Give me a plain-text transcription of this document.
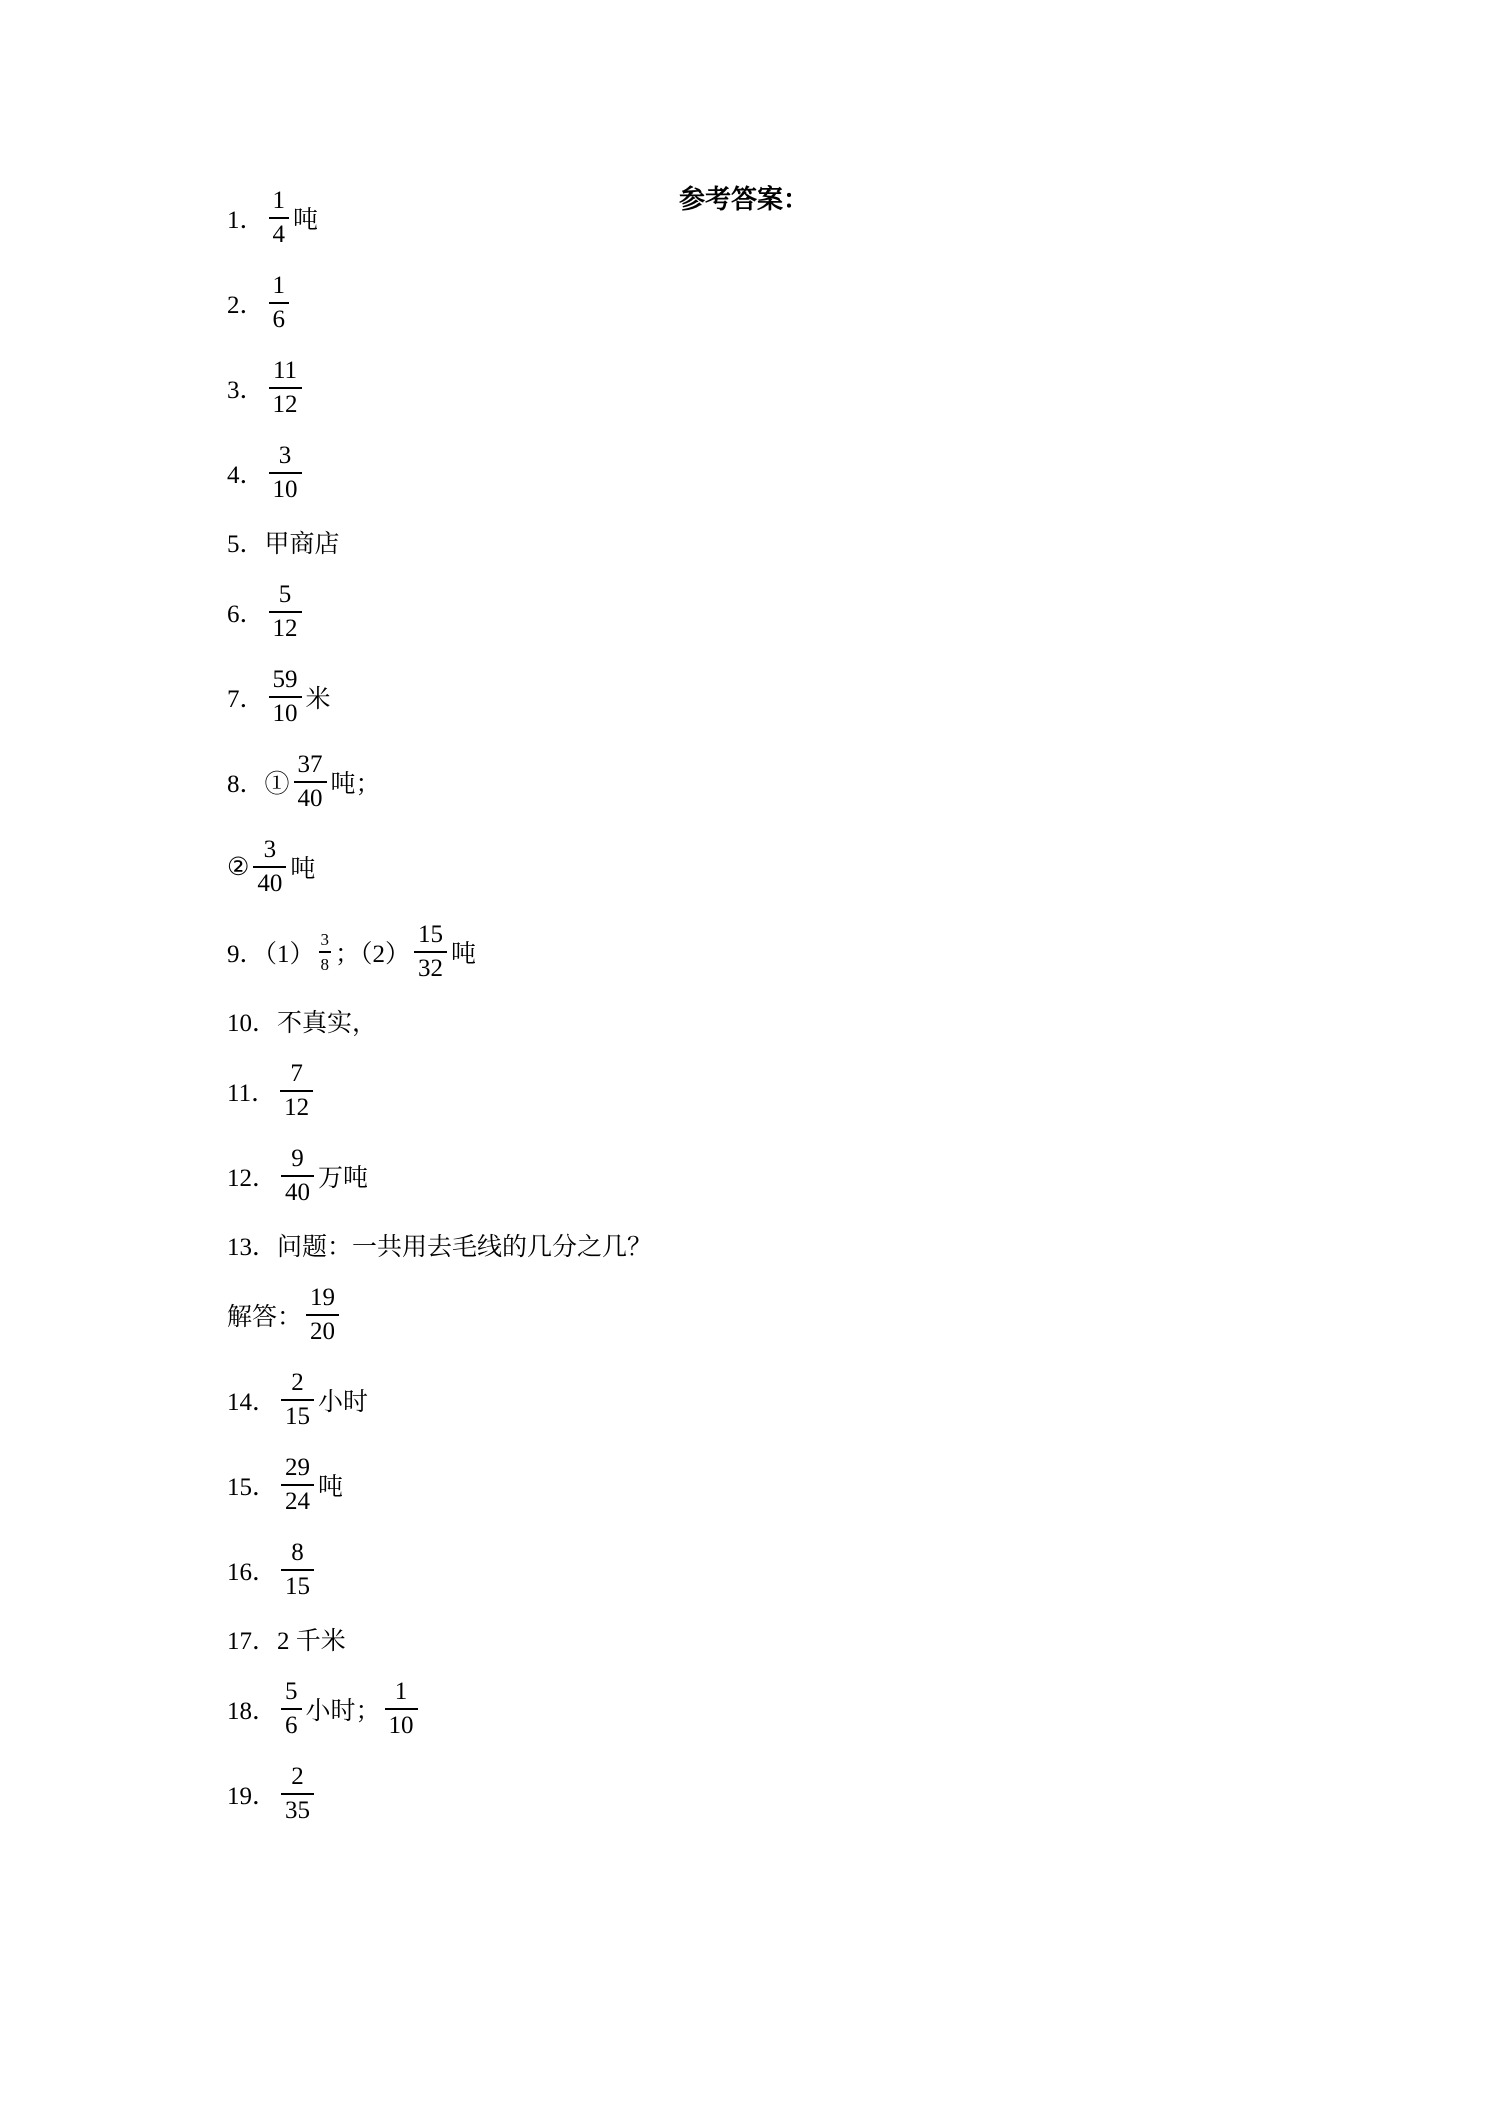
参考答案：
1． $\frac{1}{4}$ 吨
2． $\frac{1}{6}$
3． $\frac{11}{12}$
4． $\frac{3}{10}$
5．甲商店
6． $\frac{5}{12}$
7． $\frac{59}{10}$ 米
8．① $\frac{37}{40}$ 吨；
② $\frac{3}{40}$ 吨
9．$(1) \frac{3}{8}$ ；$(2) \frac{15}{32}$ 吨
10．不真实，
11． $\frac{7}{12}$
12． $\frac{9}{40}$ 万吨
13．问题：一共用去毛线的几分之几？
解答： $\frac{19}{20}$
14． $\frac{2}{15}$ 小时
15． $\frac{29}{24}$ 吨
16． $\frac{8}{15}$
17．2 千米
18． $\frac{5}{6}$ 小时； $\frac{1}{10}$
19． $\frac{2}{35}$
